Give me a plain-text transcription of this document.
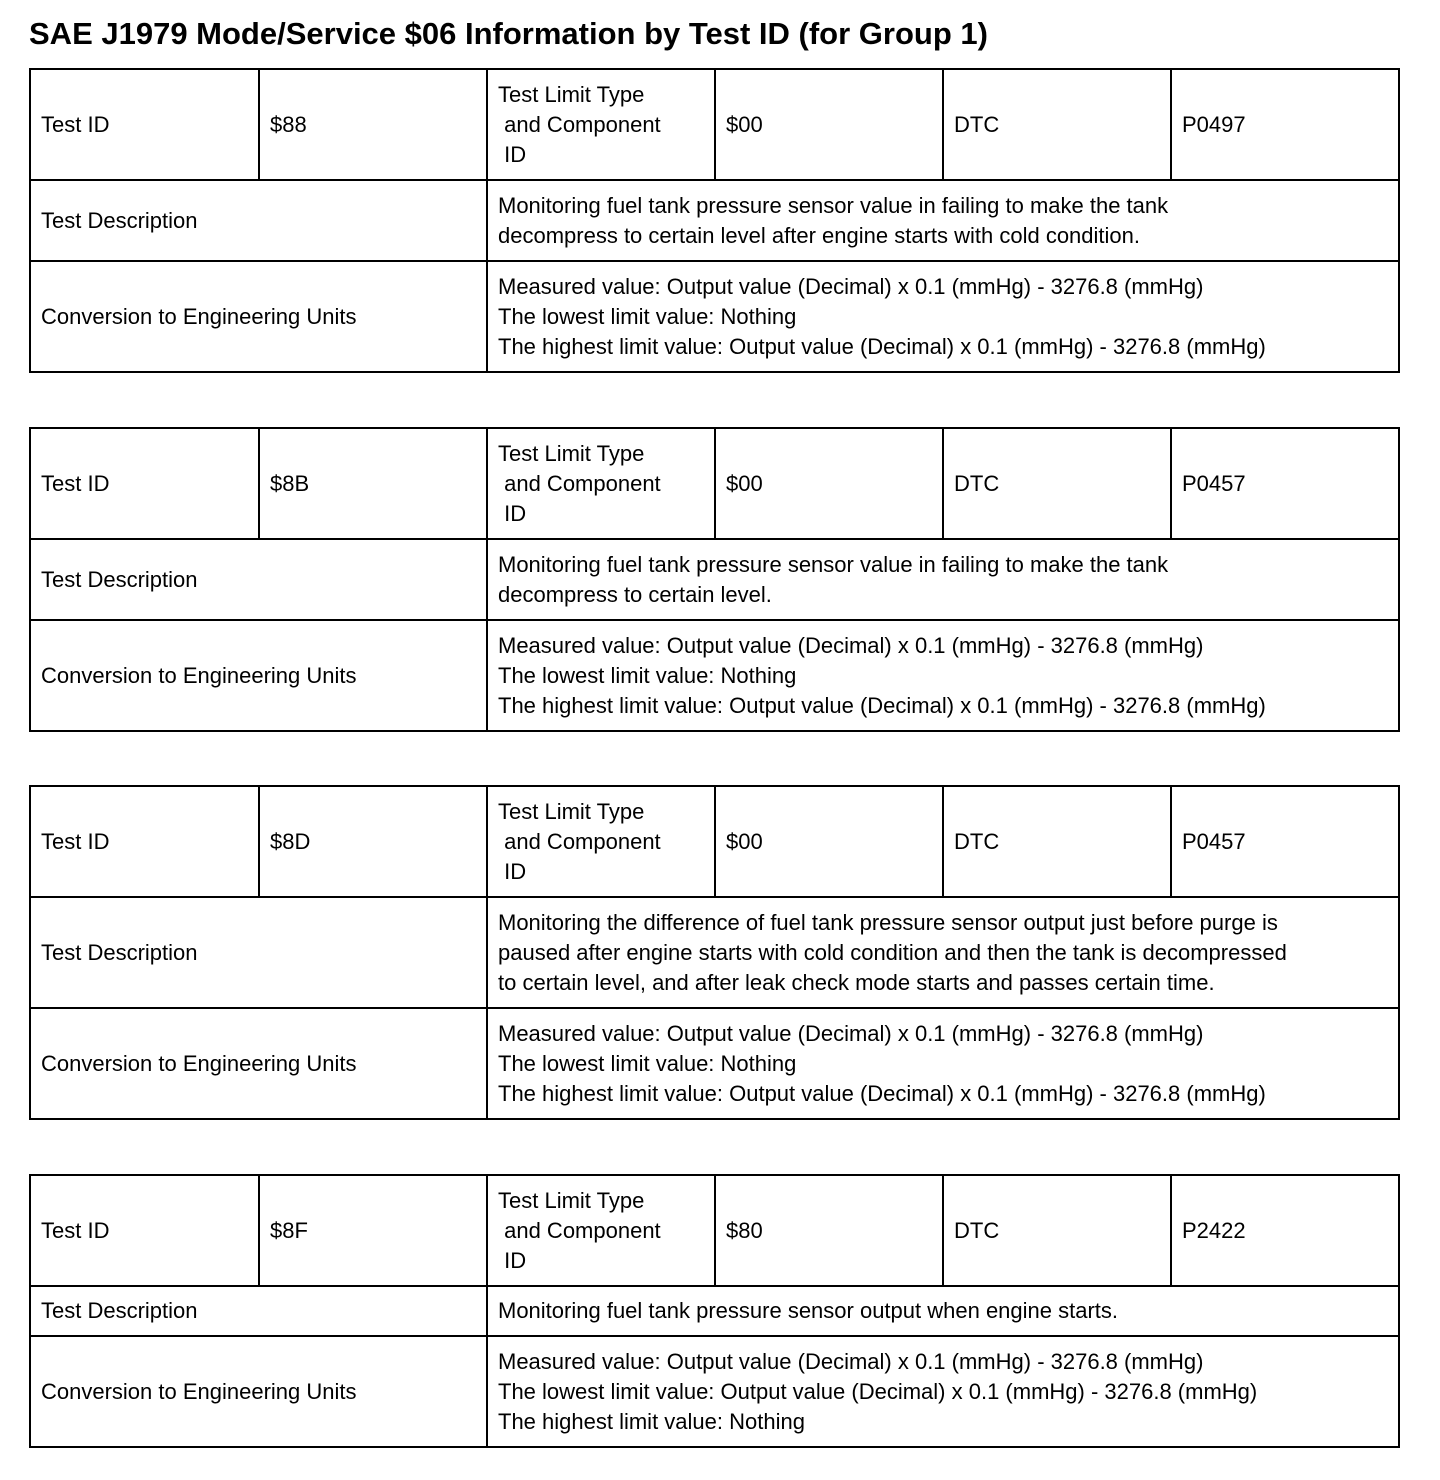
SAE J1979 Mode/Service $06 Information by Test ID (for Group 1)
Test ID	$88	Test Limit Type
and Component
ID	$00	DTC	P0497
Test Description		Monitoring fuel tank pressure sensor value in failing to make the tank
decompress to certain level after engine starts with cold condition.			

Conversion to Engineering Units		Measured value: Output value (Decimal) x 0.1 (mmHg) - 3276.8 (mmHg)
The lowest limit value: Nothing
The highest limit value: Output value (Decimal) x 0.1 (mmHg) - 3276.8 (mmHg)			
Test ID	$8B	Test Limit Type
and Component
ID	$00	DTC	P0457
Test Description		Monitoring fuel tank pressure sensor value in failing to make the tank
decompress to certain level.			

Conversion to Engineering Units		Measured value: Output value (Decimal) x 0.1 (mmHg) - 3276.8 (mmHg)
The lowest limit value: Nothing
The highest limit value: Output value (Decimal) x 0.1 (mmHg) - 3276.8 (mmHg)			
Test ID	$8D	Test Limit Type
and Component
ID	$00	DTC	P0457
Test Description		Monitoring the difference of fuel tank pressure sensor output just before purge is
paused after engine starts with cold condition and then the tank is decompressed
to certain level, and after leak check mode starts and passes certain time.			

Conversion to Engineering Units		Measured value: Output value (Decimal) x 0.1 (mmHg) - 3276.8 (mmHg)
The lowest limit value: Nothing
The highest limit value: Output value (Decimal) x 0.1 (mmHg) - 3276.8 (mmHg)			
Test ID	$8F	Test Limit Type
and Component
ID	$80	DTC	P2422
Test Description		Monitoring fuel tank pressure sensor output when engine starts.			

Conversion to Engineering Units		Measured value: Output value (Decimal) x 0.1 (mmHg) - 3276.8 (mmHg)
The lowest limit value: Output value (Decimal) x 0.1 (mmHg) - 3276.8 (mmHg)
The highest limit value: Nothing			
